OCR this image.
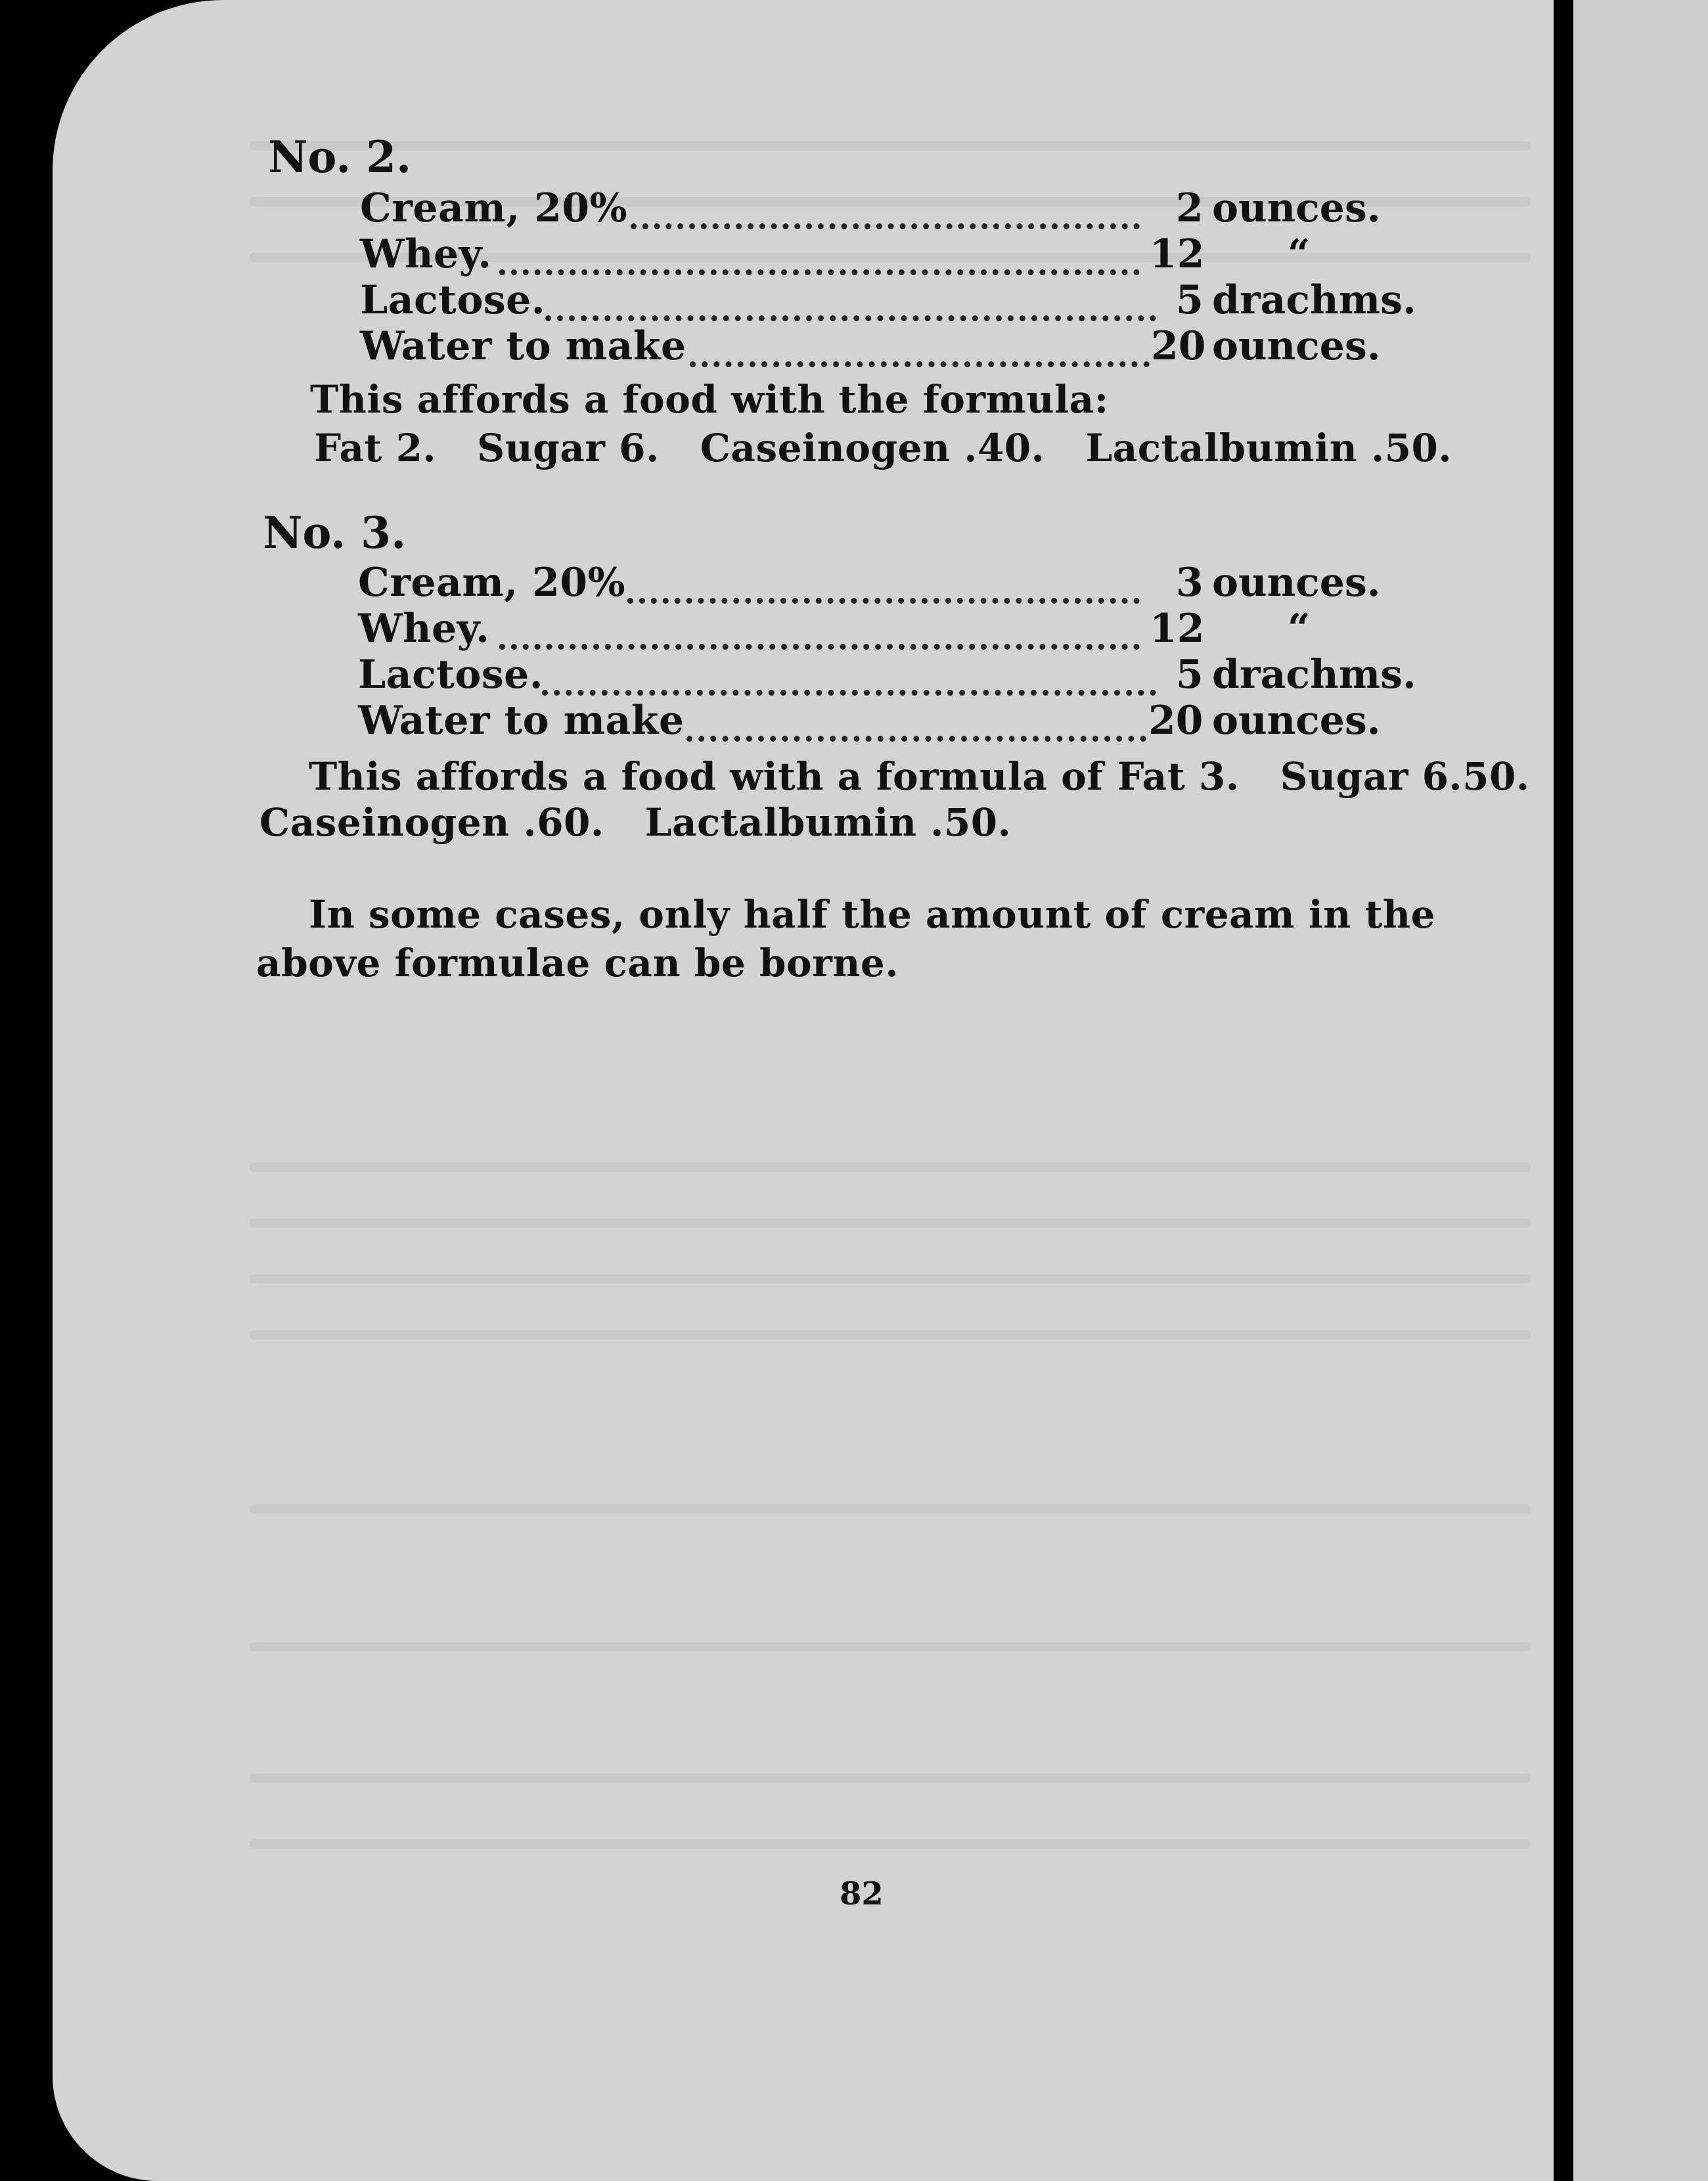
No. 2.
Cream, 20%	2 ounces.
Whey.	12 “
Lactose.	5 drachms.
Water to make	20 ounces.
This affords a food with the formula:
Fat 2.   Sugar 6.   Caseinogen .40.   Lactalbumin .50.
No. 3.
Cream, 20%	3 ounces.
Whey.	12 “
Lactose.	5 drachms.
Water to make	20 ounces.
This affords a food with a formula of Fat 3.   Sugar 6.50.
Caseinogen .60.   Lactalbumin .50.
In some cases, only half the amount of cream in the
above formulae can be borne.
82
